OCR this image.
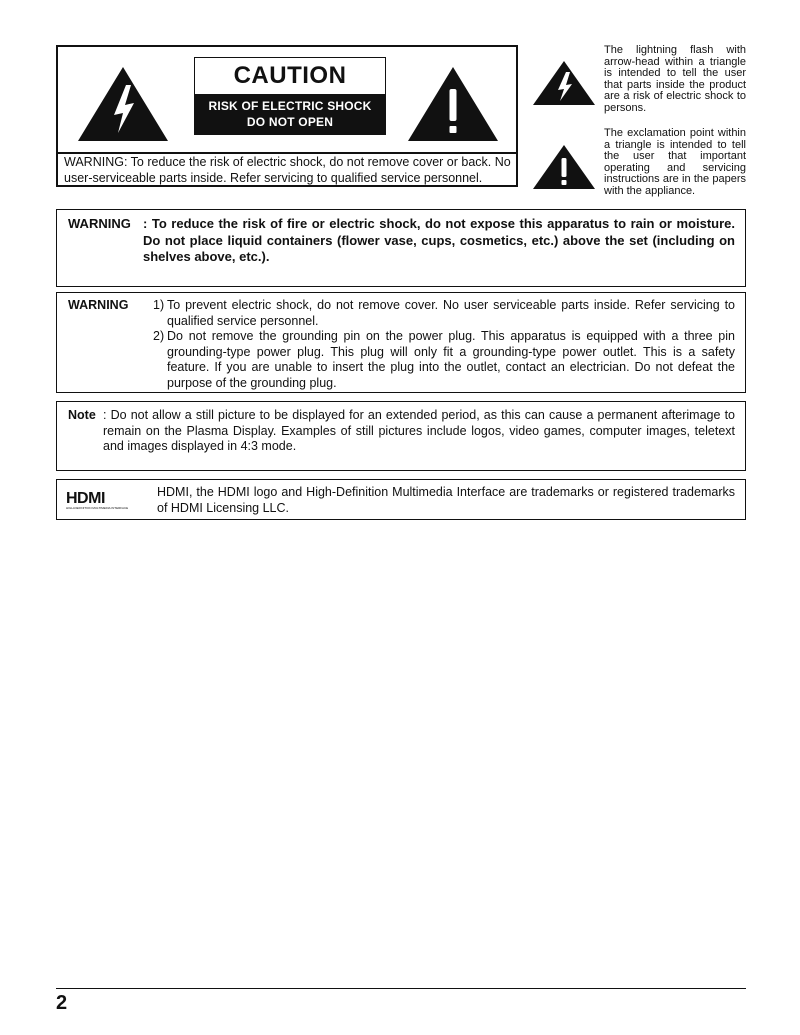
CAUTION
RISK OF ELECTRIC SHOCK
DO NOT OPEN
WARNING: To reduce the risk of electric shock, do not remove cover or back. No user-serviceable parts inside. Refer servicing to qualified service personnel.
The lightning flash with arrow-head within a triangle is intended to tell the user that parts inside the product are a risk of electric shock to persons.
The exclamation point within a triangle is intended to tell the user that important operating and servicing instructions are in the papers with the appliance.
WARNING : To reduce the risk of fire or electric shock, do not expose this apparatus to rain or moisture. Do not place liquid containers (flower vase, cups, cosmetics, etc.) above the set (including on shelves above, etc.).
WARNING 1) To prevent electric shock, do not remove cover. No user serviceable parts inside. Refer servicing to qualified service personnel.
2) Do not remove the grounding pin on the power plug. This apparatus is equipped with a three pin grounding-type power plug. This plug will only fit a grounding-type power outlet. This is a safety feature. If you are unable to insert the plug into the outlet, contact an electrician. Do not defeat the purpose of the grounding plug.
Note : Do not allow a still picture to be displayed for an extended period, as this can cause a permanent afterimage to remain on the Plasma Display. Examples of still pictures include logos, video games, computer images, teletext and images displayed in 4:3 mode.
HDMI
HIGH-DEFINITION MULTIMEDIA INTERFACE
HDMI, the HDMI logo and High-Definition Multimedia Interface are trademarks or registered trademarks of HDMI Licensing LLC.
2
